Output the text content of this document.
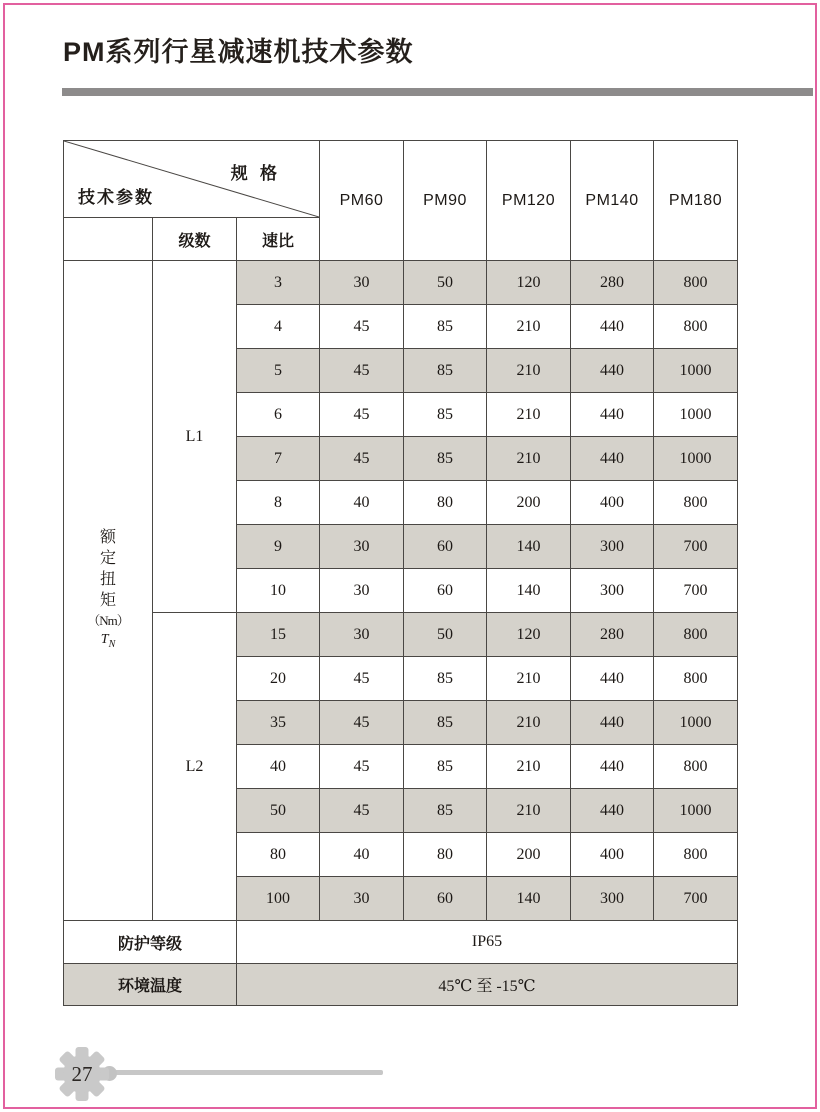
PM系列行星减速机技术参数
规 格
技术参数			PM60	PM90	PM120	PM140	PM180
	级数	速比					

额
定
扭
矩
（Nm）
$T_N$
	L1	3	30	50	120	280	800
		4	45	85	210	440	800
		5	45	85	210	440	1000
		6	45	85	210	440	1000
		7	45	85	210	440	1000
		8	40	80	200	400	800
		9	30	60	140	300	700
		10	30	60	140	300	700
	L2	15	30	50	120	280	800
		20	45	85	210	440	800
		35	45	85	210	440	1000
		40	45	85	210	440	800
		50	45	85	210	440	1000
		80	40	80	200	400	800
		100	30	60	140	300	700
防护等级		IP65					
环境温度		45℃ 至 -15℃					
27
